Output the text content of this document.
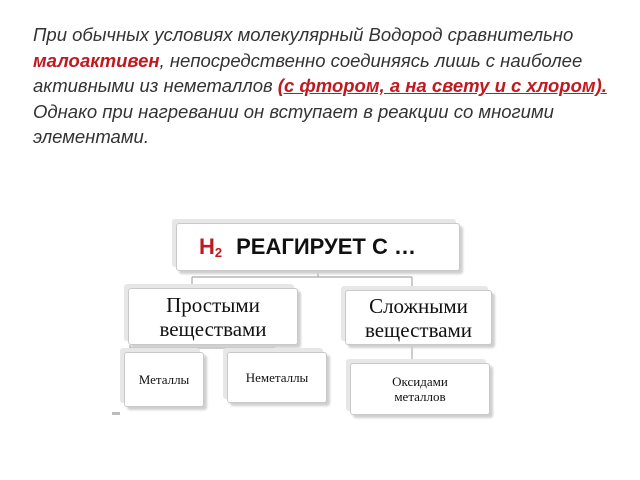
При обычных условиях молекулярный Водород сравнительно малоактивен, непосредственно соединяясь лишь с наиболее активными из неметаллов (с фтором, а на свету и с хлором). Однако при нагревании он вступает в реакции со многими элементами.

$H_2$ РЕАГИРУЕТ С …
Простыми
веществами
Сложными
веществами
Металлы	Неметаллы	Оксидами
металлов
